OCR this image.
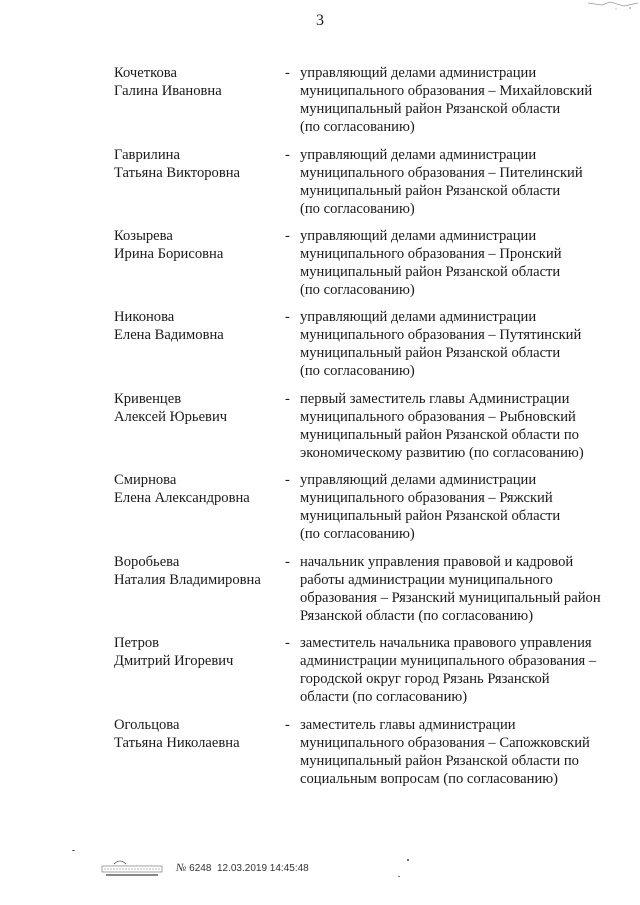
3
Кочеткова
Галина Ивановна
- управляющий делами администрации
муниципального образования – Михайловский
муниципальный район Рязанской области
(по согласованию)
Гаврилина
Татьяна Викторовна
- управляющий делами администрации
муниципального образования – Пителинский
муниципальный район Рязанской области
(по согласованию)
Козырева
Ирина Борисовна
- управляющий делами администрации
муниципального образования – Пронский
муниципальный район Рязанской области
(по согласованию)
Никонова
Елена Вадимовна
- управляющий делами администрации
муниципального образования – Путятинский
муниципальный район Рязанской области
(по согласованию)
Кривенцев
Алексей Юрьевич
- первый заместитель главы Администрации
муниципального образования – Рыбновский
муниципальный район Рязанской области по
экономическому развитию (по согласованию)
Смирнова
Елена Александровна
- управляющий делами администрации
муниципального образования – Ряжский
муниципальный район Рязанской области
(по согласованию)
Воробьева
Наталия Владимировна
- начальник управления правовой и кадровой
работы администрации муниципального
образования – Рязанский муниципальный район
Рязанской области (по согласованию)
Петров
Дмитрий Игоревич
- заместитель начальника правового управления
администрации муниципального образования –
городской округ город Рязань Рязанской
области (по согласованию)
Огольцова
Татьяна Николаевна
- заместитель главы администрации
муниципального образования – Сапожковский
муниципальный район Рязанской области по
социальным вопросам (по согласованию)
№ 6248 12.03.2019 14:45:48
